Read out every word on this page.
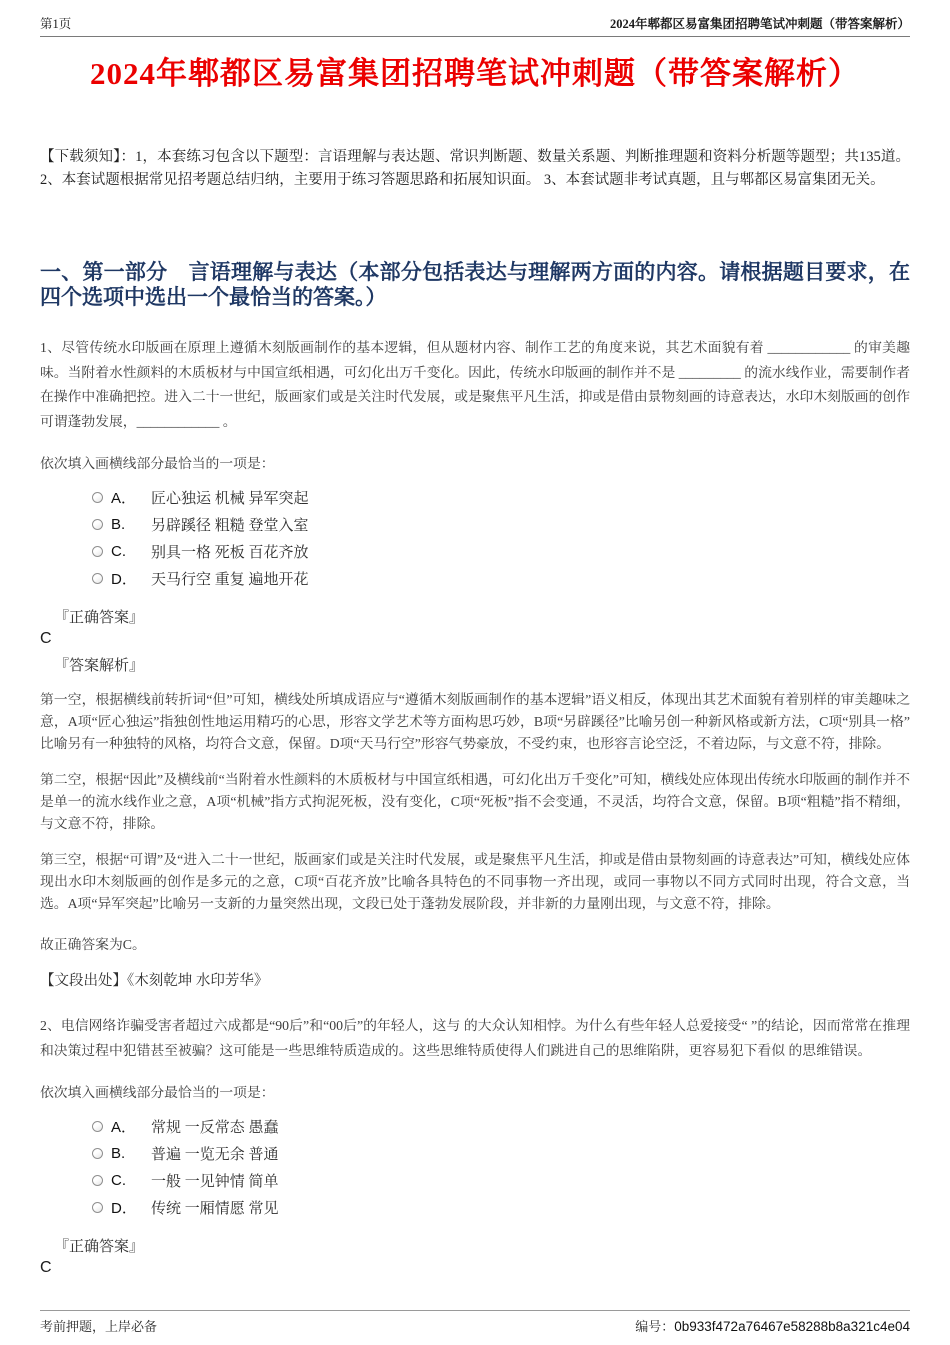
第1页	2024年郫都区易富集团招聘笔试冲刺题（带答案解析）
2024年郫都区易富集团招聘笔试冲刺题（带答案解析）

【下载须知】：1，本套练习包含以下题型：言语理解与表达题、常识判断题、数量关系题、判断推理题和资料分析题等题型；共135道。 2、本套试题根据常见招考题总结归纳，主要用于练习答题思路和拓展知识面。 3、本套试题非考试真题，且与郫都区易富集团无关。

一、第一部分　言语理解与表达（本部分包括表达与理解两方面的内容。请根据题目要求，在四个选项中选出一个最恰当的答案。）

1、尽管传统水印版画在原理上遵循木刻版画制作的基本逻辑，但从题材内容、制作工艺的角度来说，其艺术面貌有着 ____________ 的审美趣味。当附着水性颜料的木质板材与中国宣纸相遇，可幻化出万千变化。因此，传统水印版画的制作并不是 _________ 的流水线作业，需要制作者在操作中准确把控。进入二十一世纪，版画家们或是关注时代发展，或是聚焦平凡生活，抑或是借由景物刻画的诗意表达，水印木刻版画的创作可谓蓬勃发展，____________ 。

依次填入画横线部分最恰当的一项是：

A． 匠心独运 机械 异军突起
B.	另辟蹊径 粗糙 登堂入室
C.	别具一格 死板 百花齐放
D． 天马行空 重复 遍地开花

『正确答案』

C

『答案解析』

第一空，根据横线前转折词“但”可知，横线处所填成语应与“遵循木刻版画制作的基本逻辑”语义相反，体现出其艺术面貌有着别样的审美趣味之意，A项“匠心独运”指独创性地运用精巧的心思，形容文学艺术等方面构思巧妙，B项“另辟蹊径”比喻另创一种新风格或新方法，C项“别具一格”比喻另有一种独特的风格，均符合文意，保留。D项“天马行空”形容气势豪放，不受约束，也形容言论空泛，不着边际，与文意不符，排除。

第二空，根据“因此”及横线前“当附着水性颜料的木质板材与中国宣纸相遇，可幻化出万千变化”可知，横线处应体现出传统水印版画的制作并不是单一的流水线作业之意，A项“机械”指方式拘泥死板，没有变化，C项“死板”指不会变通，不灵活，均符合文意，保留。B项“粗糙”指不精细，与文意不符，排除。

第三空，根据“可谓”及“进入二十一世纪，版画家们或是关注时代发展，或是聚焦平凡生活，抑或是借由景物刻画的诗意表达”可知，横线处应体现出水印木刻版画的创作是多元的之意，C项“百花齐放”比喻各具特色的不同事物一齐出现，或同一事物以不同方式同时出现，符合文意，当选。A项“异军突起”比喻另一支新的力量突然出现，文段已处于蓬勃发展阶段，并非新的力量刚出现，与文意不符，排除。

故正确答案为C。

【文段出处】《木刻乾坤 水印芳华》

2、电信网络诈骗受害者超过六成都是“90后”和“00后”的年轻人，这与 的大众认知相悖。为什么有些年轻人总爱接受“ ”的结论，因而常常在推理和决策过程中犯错甚至被骗？这可能是一些思维特质造成的。这些思维特质使得人们跳进自己的思维陷阱，更容易犯下看似 的思维错误。

依次填入画横线部分最恰当的一项是：

A． 常规 一反常态 愚蠢
B.	普遍 一览无余 普通
C.	一般 一见钟情 简单
D． 传统 一厢情愿 常见

『正确答案』

C

考前押题，上岸必备	编号：0b933f472a76467e58288b8a321c4e04
